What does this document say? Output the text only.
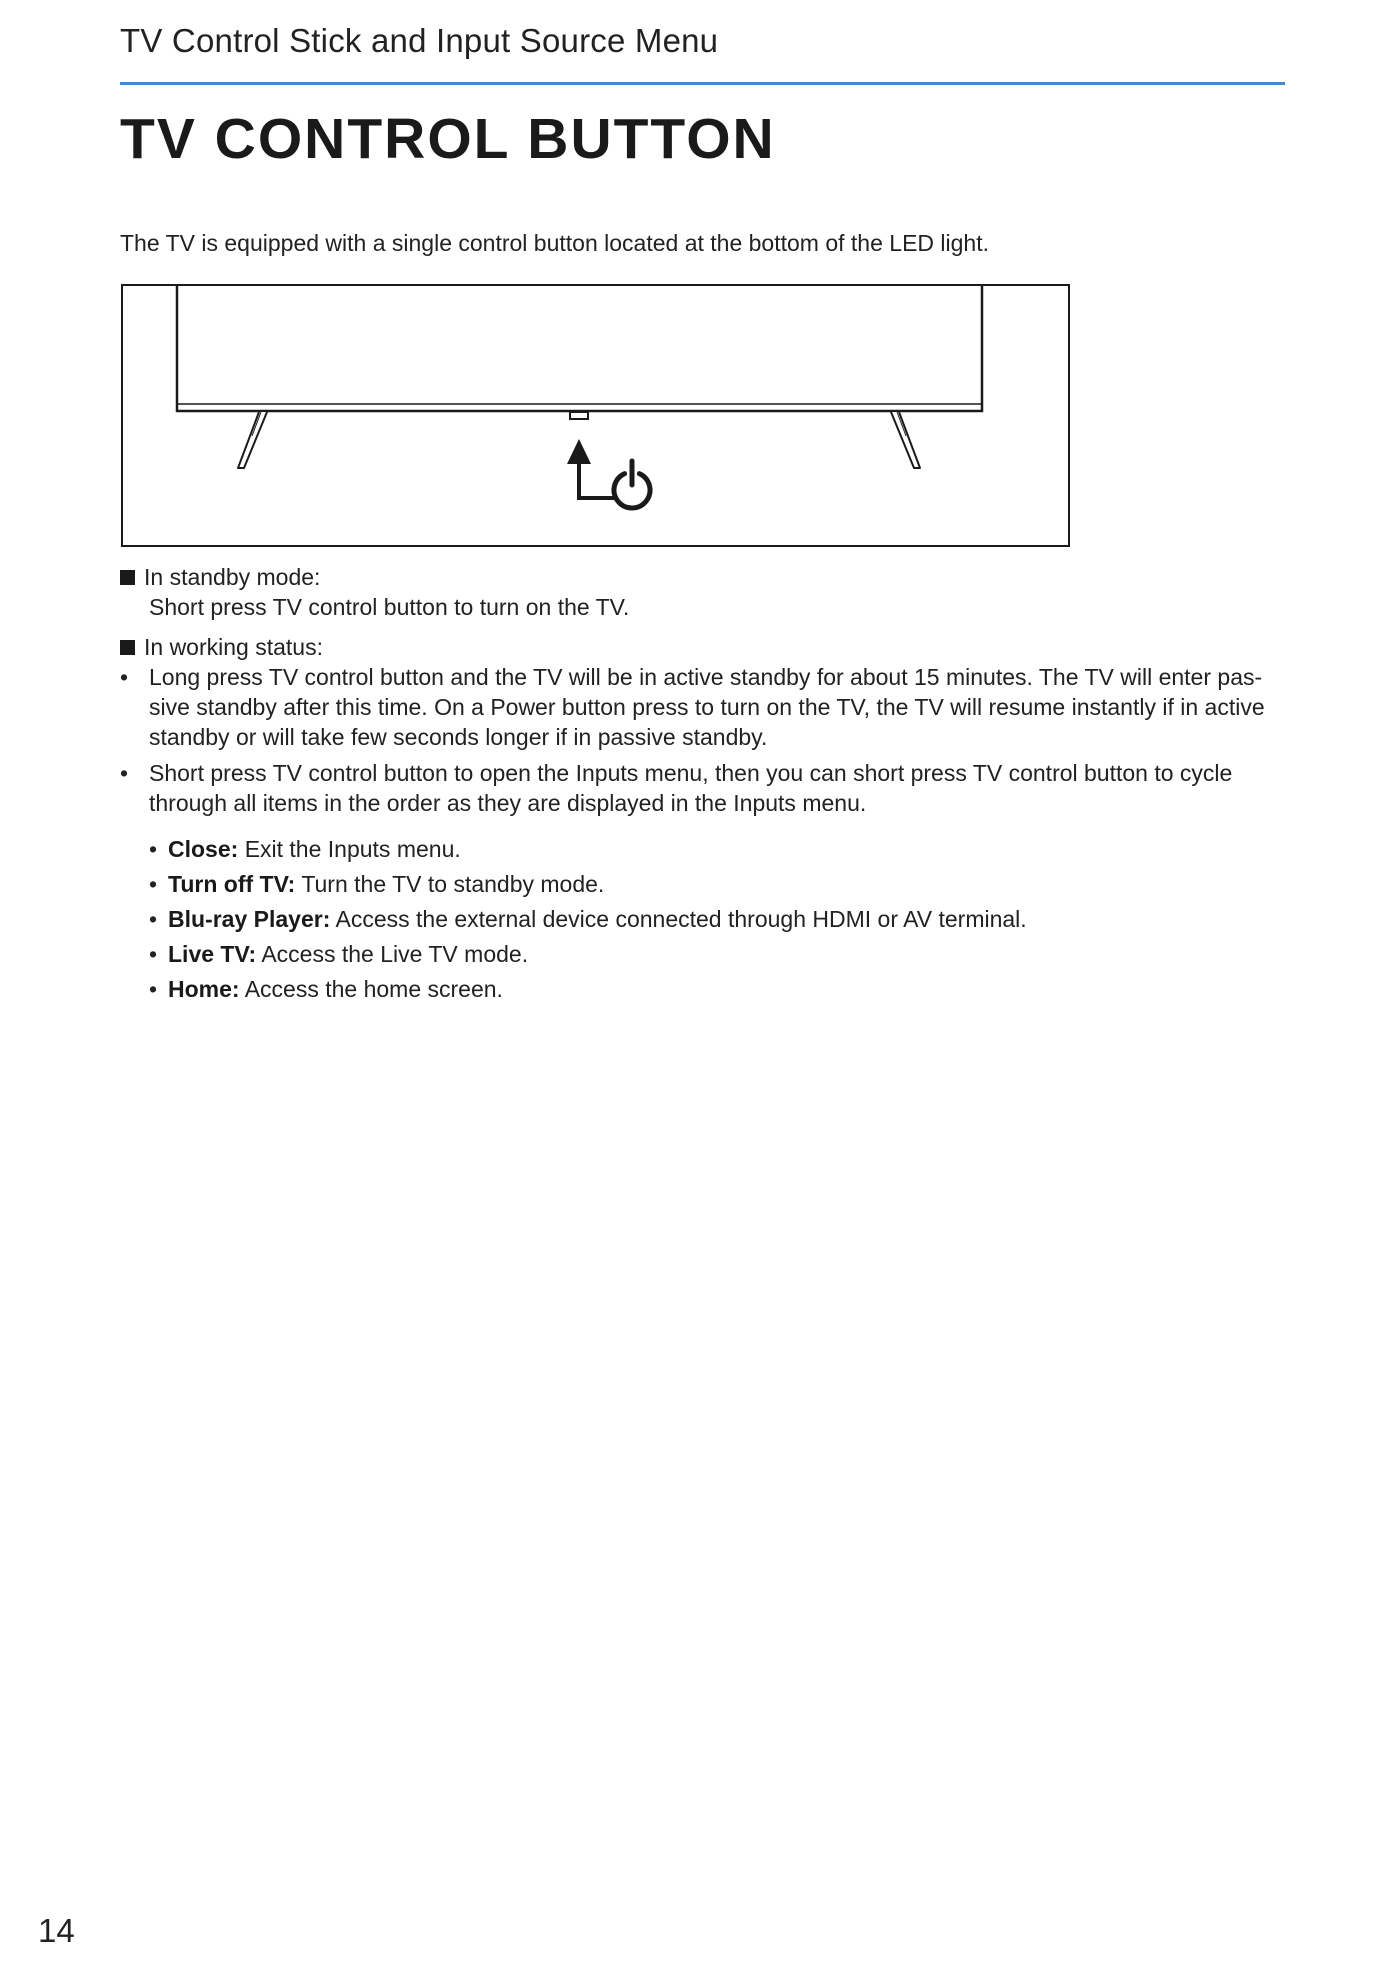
TV Control Stick and Input Source Menu
TV CONTROL BUTTON
The TV is equipped with a single control button located at the bottom of the LED light.
In standby mode:

Short press TV control button to turn on the TV.

In working status:
• Long press TV control button and the TV will be in active standby for about 15 minutes. The TV will enter pas-sive standby after this time. On a Power button press to turn on the TV, the TV will resume instantly if in active standby or will take few seconds longer if in passive standby.
• Short press TV control button to open the Inputs menu, then you can short press TV control button to cycle through all items in the order as they are displayed in the Inputs menu.
• Close: Exit the Inputs menu.
• Turn off TV: Turn the TV to standby mode.
• Blu-ray Player: Access the external device connected through HDMI or AV terminal.
• Live TV: Access the Live TV mode.
• Home: Access the home screen.
14
